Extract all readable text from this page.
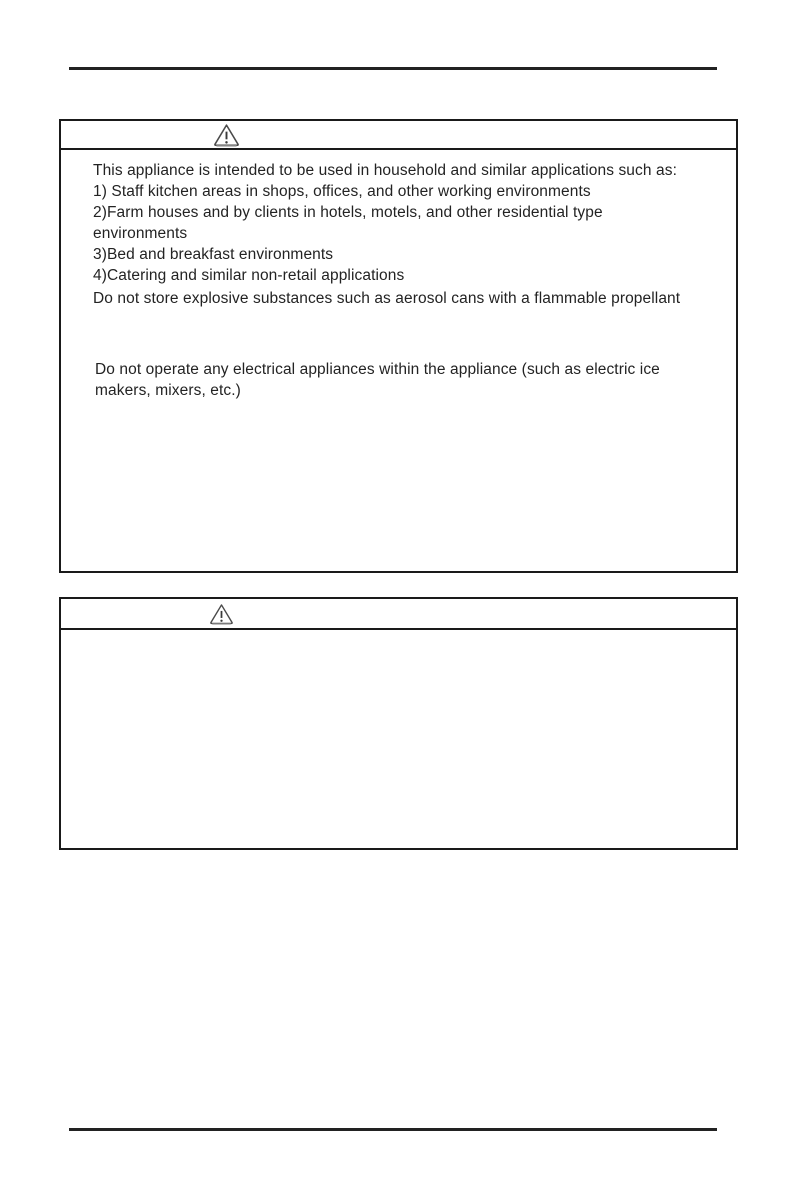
This appliance is intended to be used in household and similar applications such as:
1) Staff kitchen areas in shops, offices, and other working environments
2)Farm houses and by clients in hotels, motels, and other residential type
environments
3)Bed and breakfast environments
4)Catering and similar non-retail applications
Do not store explosive substances such as aerosol cans with a flammable propellant
Do not operate any electrical appliances within the appliance (such as electric ice
makers, mixers, etc.)
